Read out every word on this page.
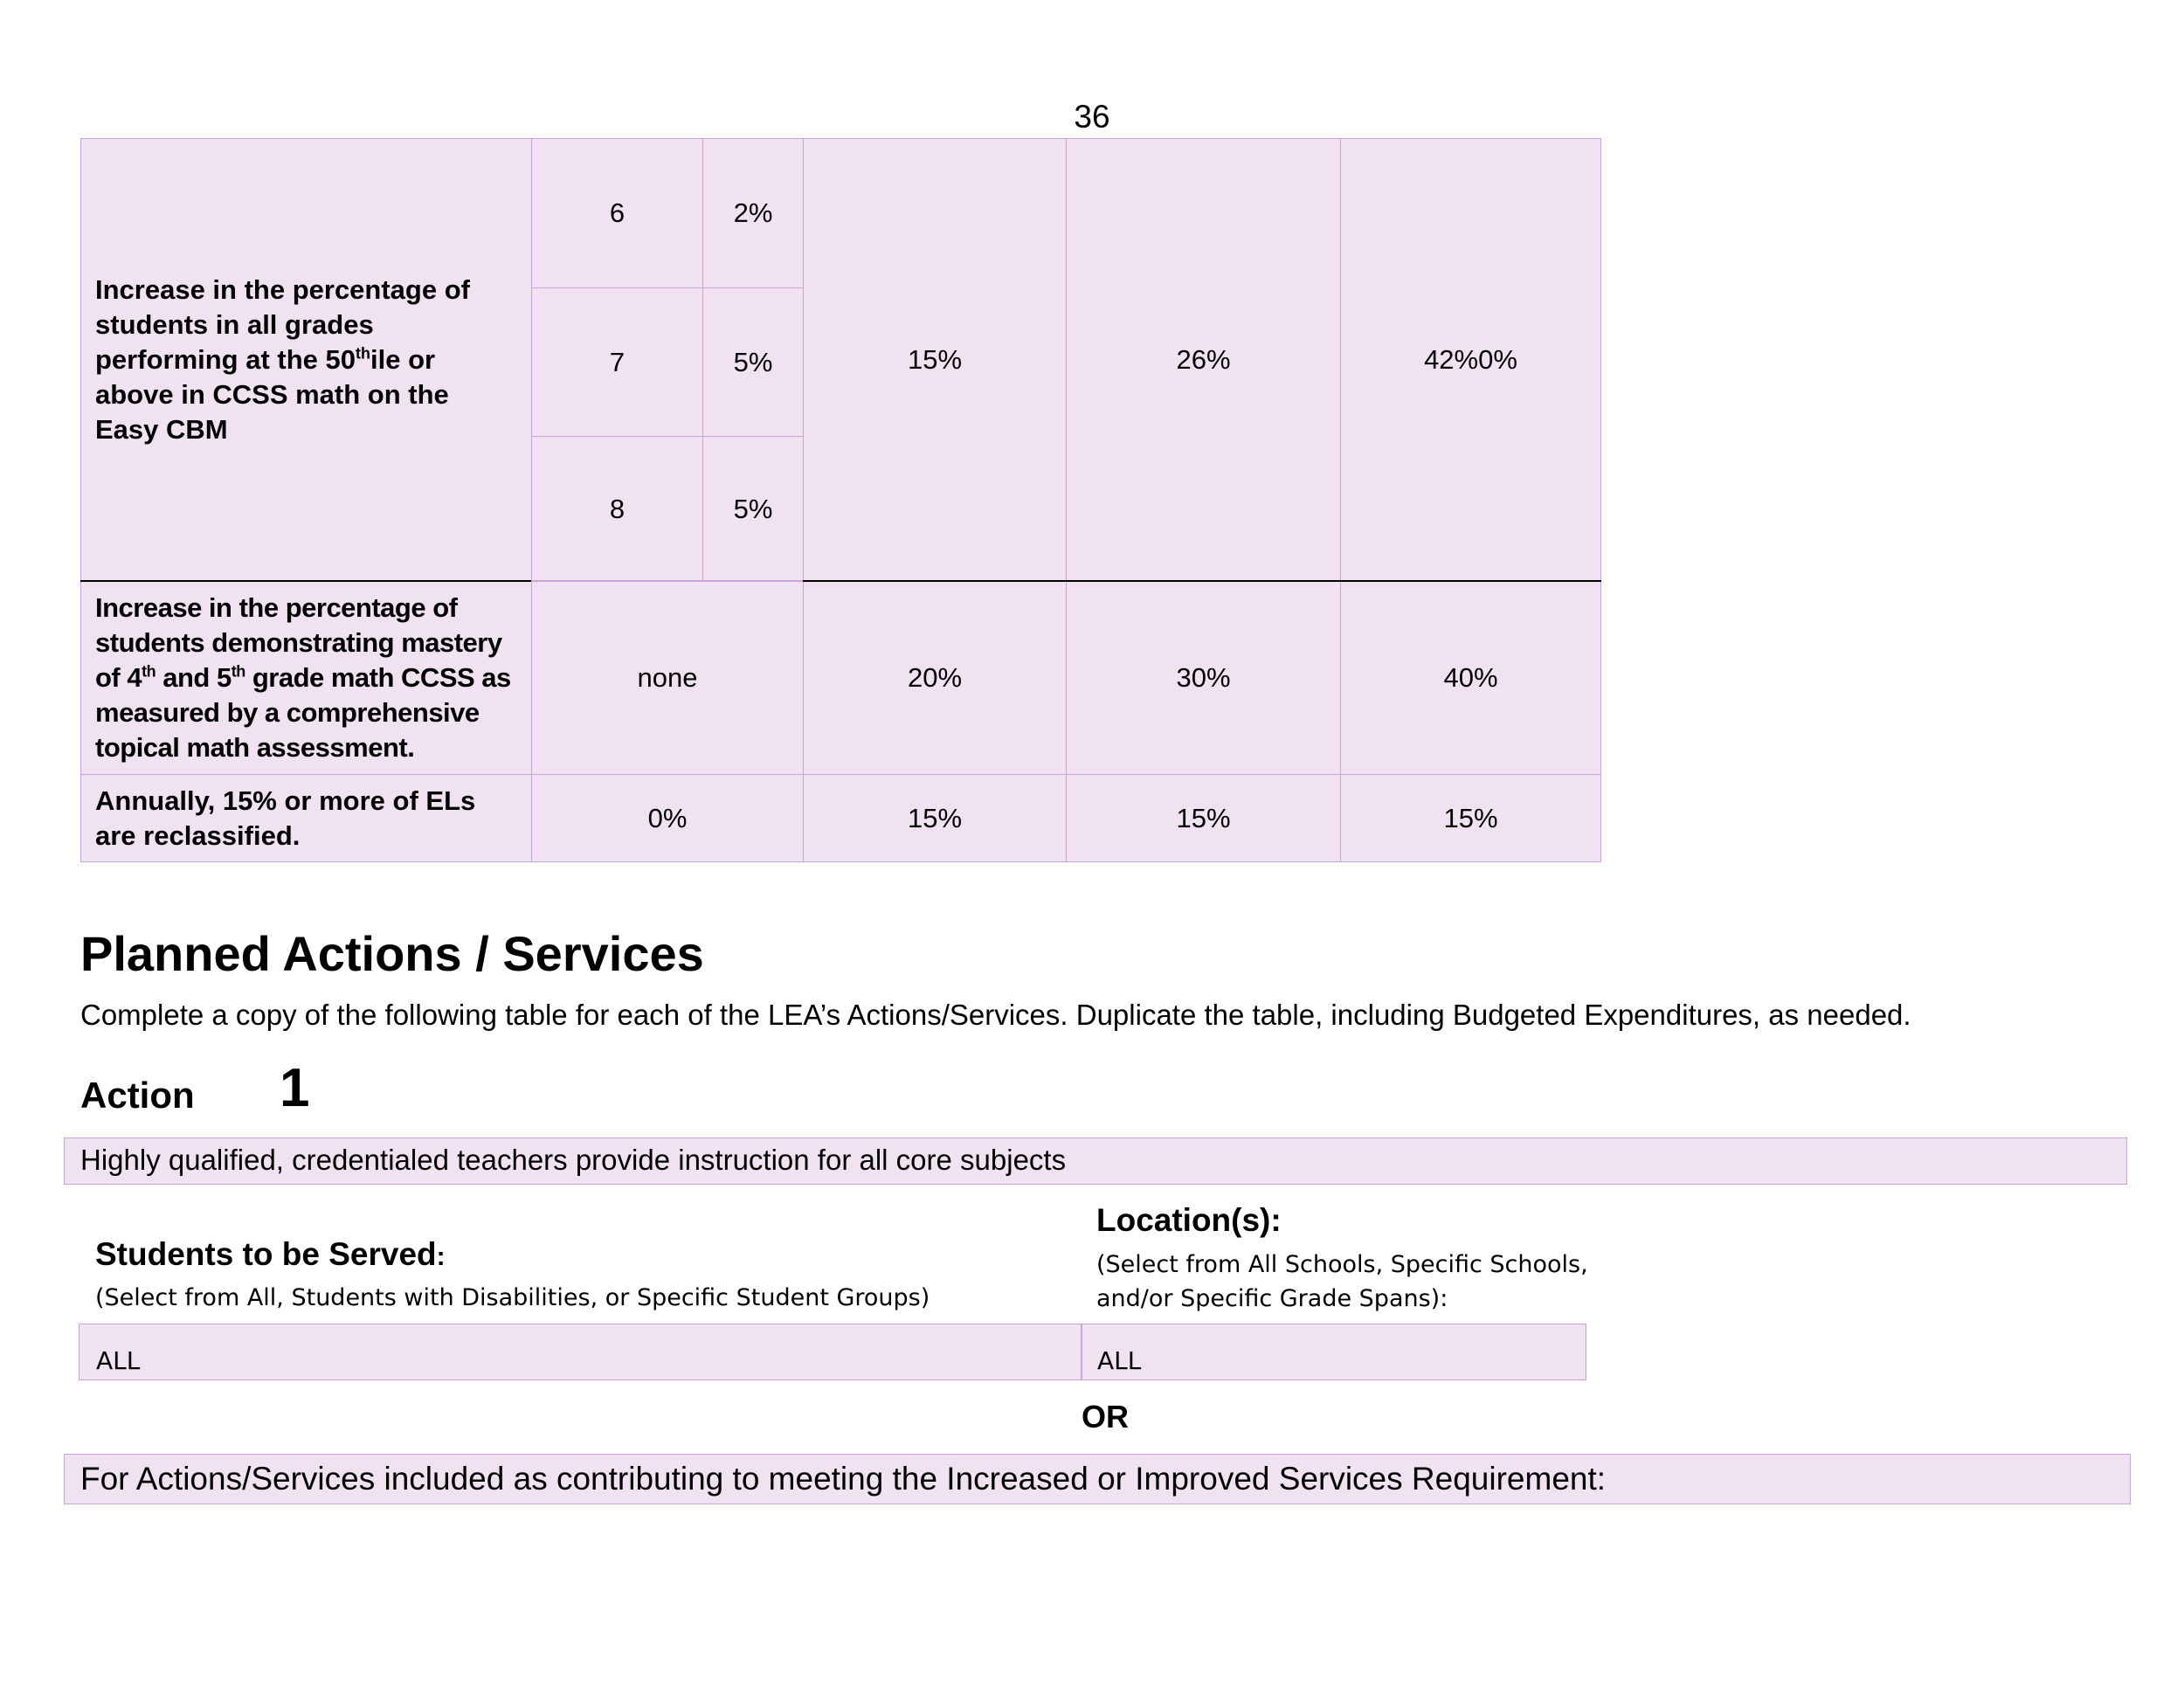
36
Increase in the percentage of students in all grades performing at the 50thile or above in CCSS math on the Easy CBM
6	2%
7	5%
8	5%
15%	26%	42%0%
Increase in the percentage of students demonstrating mastery of 4th and 5th grade math CCSS as measured by a comprehensive topical math assessment.
none	20%	30%	40%
Annually, 15% or more of ELs are reclassified.
0%	15%	15%	15%
Planned Actions / Services
Complete a copy of the following table for each of the LEA’s Actions/Services. Duplicate the table, including Budgeted Expenditures, as needed.
Action 1
Highly qualified, credentialed teachers provide instruction for all core subjects
Students to be Served:
(Select from All, Students with Disabilities, or Specific Student Groups)
Location(s):
(Select from All Schools, Specific Schools,
and/or Specific Grade Spans):
ALL	ALL
OR
For Actions/Services included as contributing to meeting the Increased or Improved Services Requirement:
